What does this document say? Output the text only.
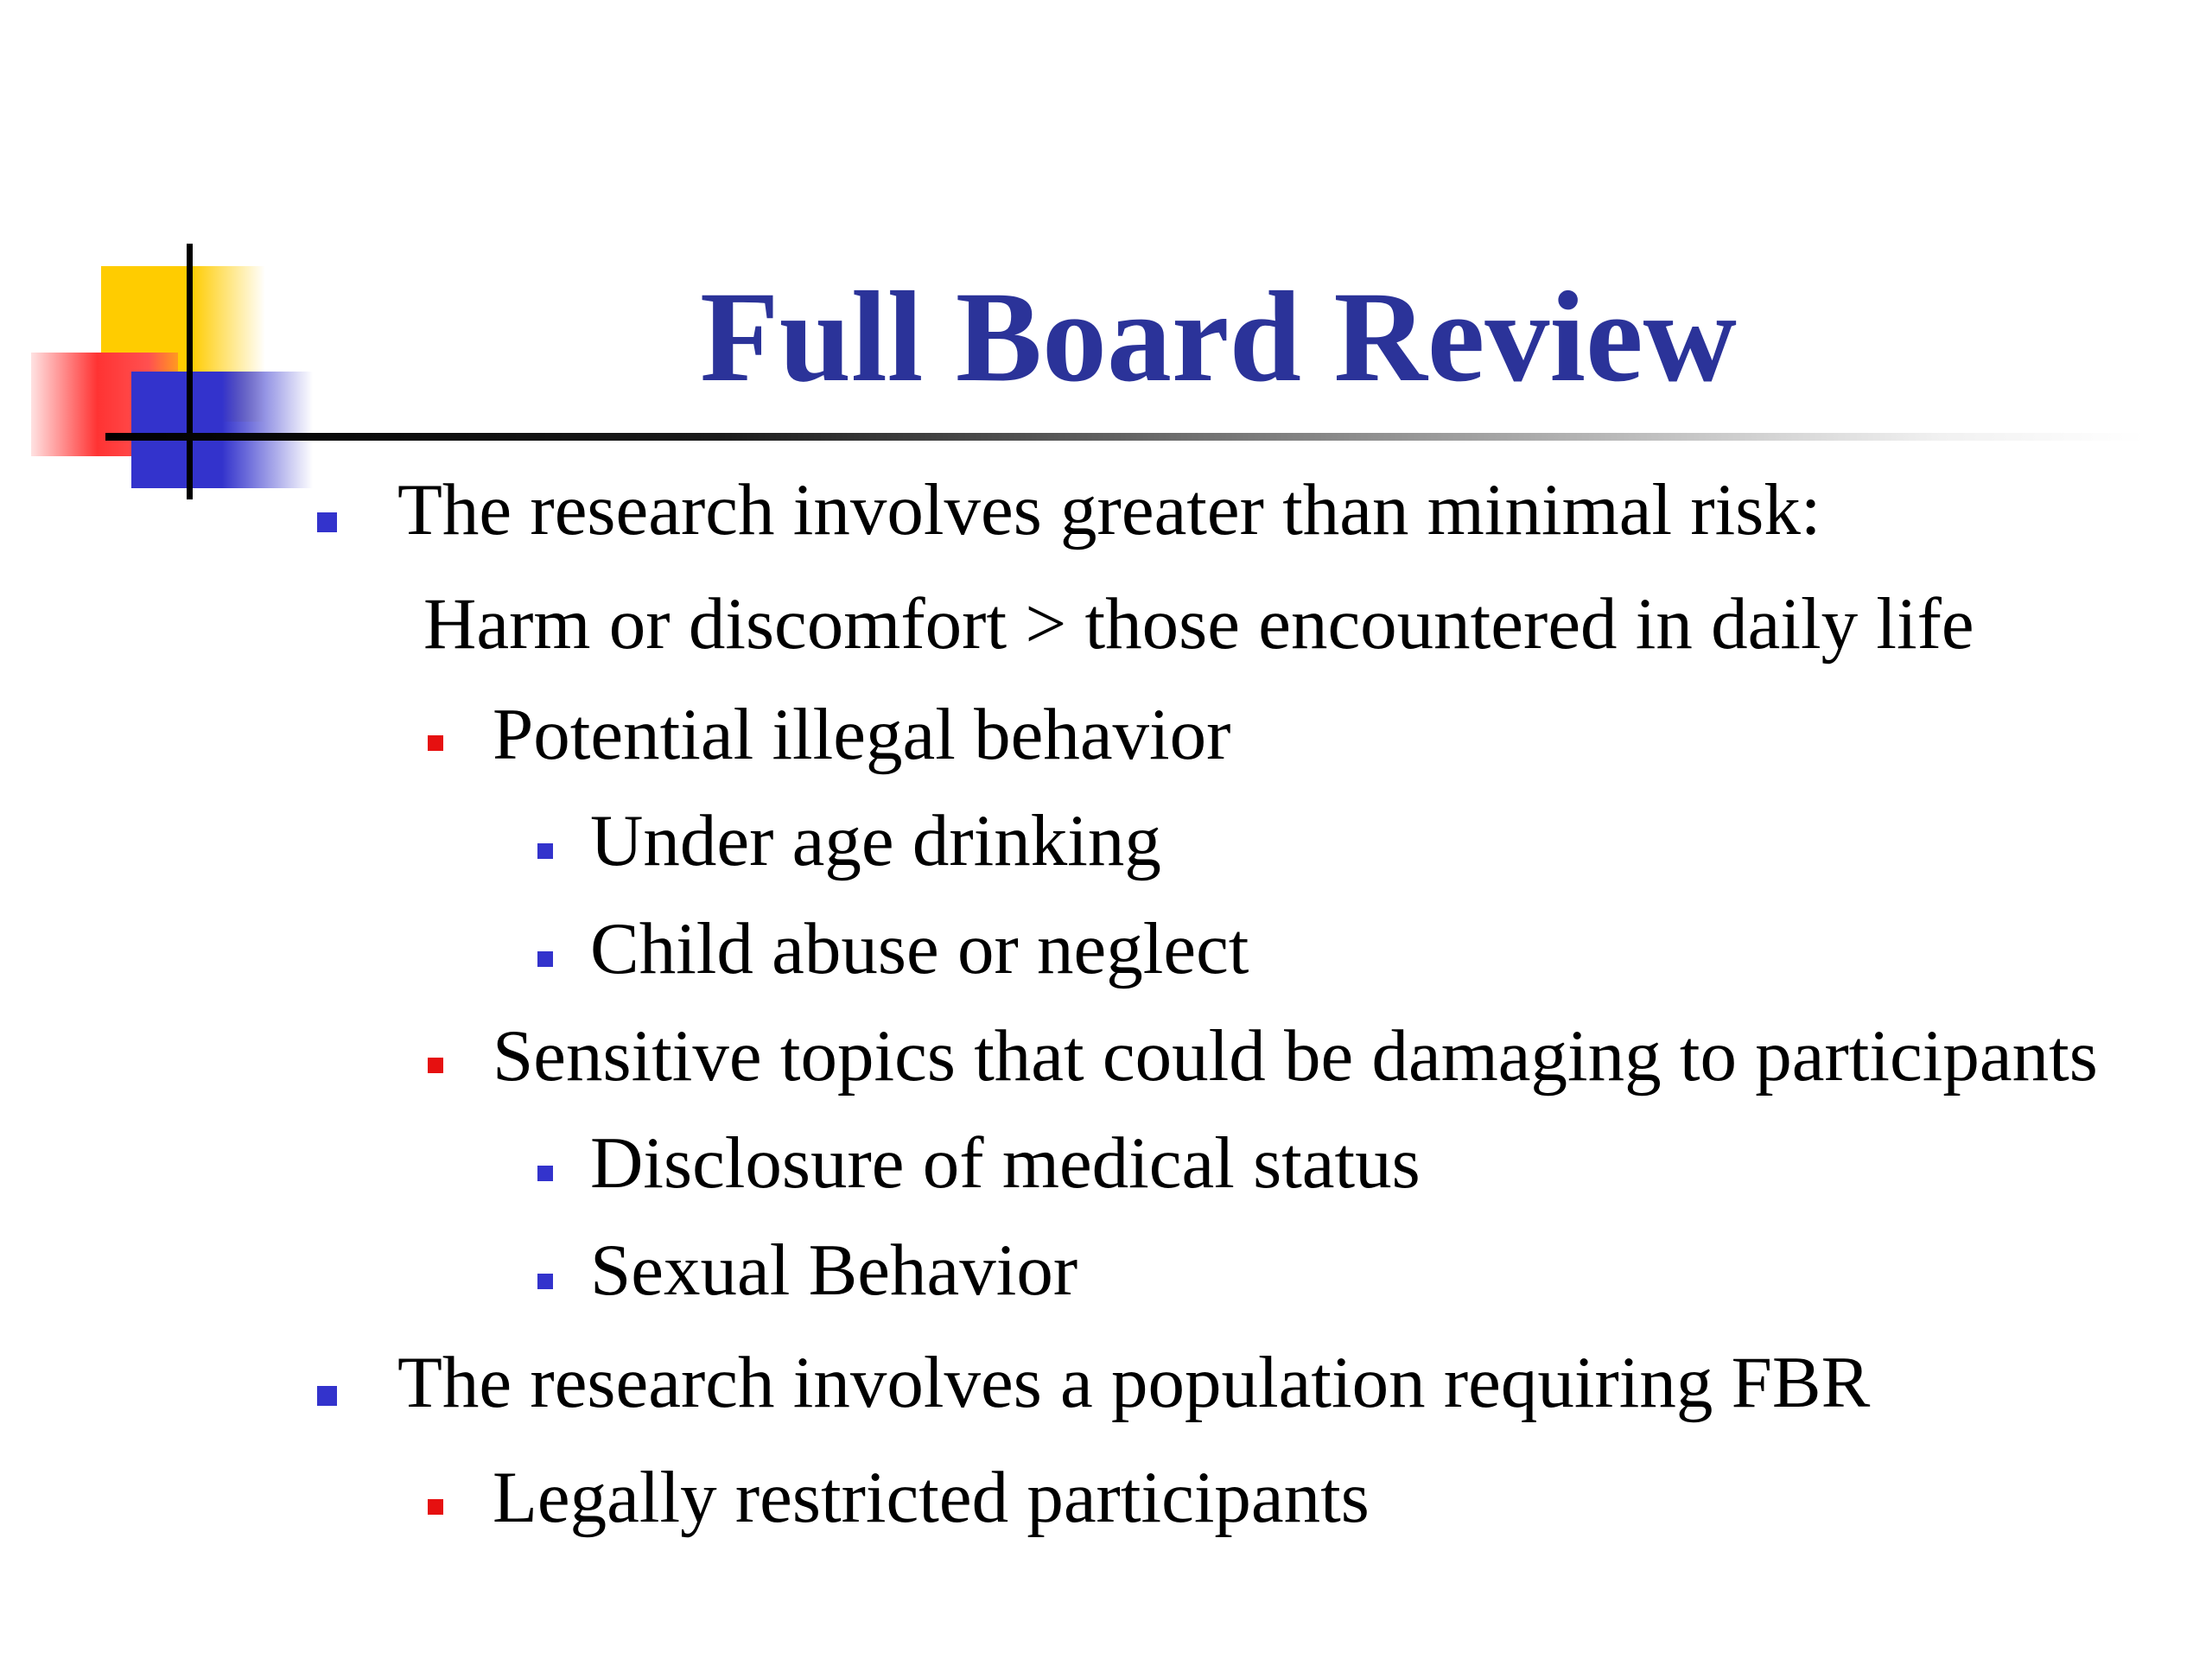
Full Board Review
The research involves greater than minimal risk:
Harm or discomfort > those encountered in daily life
Potential illegal behavior
Under age drinking
Child abuse or neglect
Sensitive topics that could be damaging to participants
Disclosure of medical status
Sexual Behavior
The research involves a population requiring FBR
Legally restricted participants
